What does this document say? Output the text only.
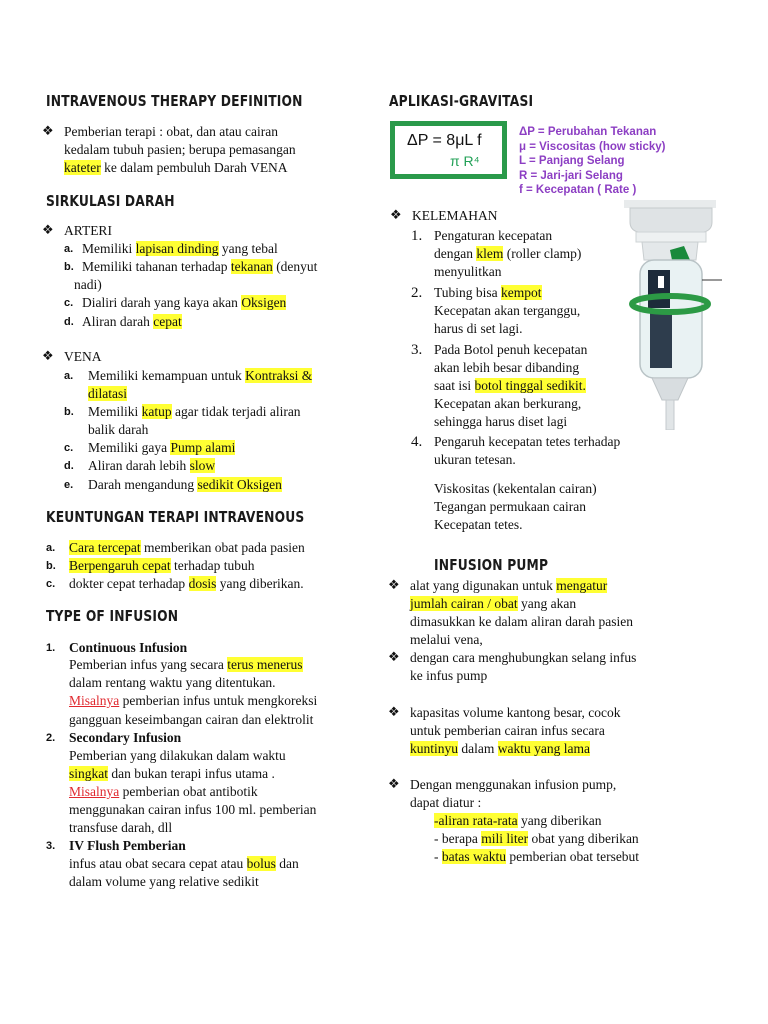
INTRAVENOUS THERAPY DEFINITION
❖ Pemberian terapi : obat, dan atau cairan
kedalam tubuh pasien; berupa pemasangan
kateter ke dalam pembuluh Darah VENA
SIRKULASI DARAH
❖ ARTERI
a. Memiliki lapisan dinding yang tebal
b. Memiliki tahanan terhadap tekanan (denyut
nadi)
c. Dialiri darah yang kaya akan Oksigen
d. Aliran darah cepat
❖ VENA
a. Memiliki kemampuan untuk Kontraksi &
dilatasi
b. Memiliki katup agar tidak terjadi aliran
balik darah
c. Memiliki gaya Pump alami
d. Aliran darah lebih slow
e. Darah mengandung sedikit Oksigen
KEUNTUNGAN TERAPI INTRAVENOUS
a. Cara tercepat memberikan obat pada pasien
b. Berpengaruh cepat terhadap tubuh
c. dokter cepat terhadap dosis yang diberikan.
TYPE OF INFUSION
1. Continuous Infusion
Pemberian infus yang secara terus menerus
dalam rentang waktu yang ditentukan.
Misalnya pemberian infus untuk mengkoreksi
gangguan keseimbangan cairan dan elektrolit
2. Secondary Infusion
Pemberian yang dilakukan dalam waktu
singkat dan bukan terapi infus utama .
Misalnya pemberian obat antibotik
menggunakan cairan infus 100 ml. pemberian
transfuse darah, dll
3. IV Flush Pemberian
infus atau obat secara cepat atau bolus dan
dalam volume yang relative sedikit
APLIKASI-GRAVITASI
ΔP = 8μL f
π R⁴
ΔP = Perubahan Tekanan
μ = Viscositas (how sticky)
L = Panjang Selang
R = Jari-jari Selang
f = Kecepatan ( Rate )
❖ KELEMAHAN
1. Pengaturan kecepatan
dengan klem (roller clamp)
menyulitkan
2. Tubing bisa kempot
Kecepatan akan terganggu,
harus di set lagi.
3. Pada Botol penuh kecepatan
akan lebih besar dibanding
saat isi botol tinggal sedikit.
Kecepatan akan berkurang,
sehingga harus diset lagi
4. Pengaruh kecepatan tetes terhadap
ukuran tetesan.
Viskositas (kekentalan cairan)
Tegangan permukaan cairan
Kecepatan tetes.
INFUSION PUMP
❖ alat yang digunakan untuk mengatur
jumlah cairan / obat yang akan
dimasukkan ke dalam aliran darah pasien
melalui vena,
❖ dengan cara menghubungkan selang infus
ke infus pump
❖ kapasitas volume kantong besar, cocok
untuk pemberian cairan infus secara
kuntinyu dalam waktu yang lama
❖ Dengan menggunakan infusion pump,
dapat diatur :
-aliran rata-rata yang diberikan
- berapa mili liter obat yang diberikan
- batas waktu pemberian obat tersebut
